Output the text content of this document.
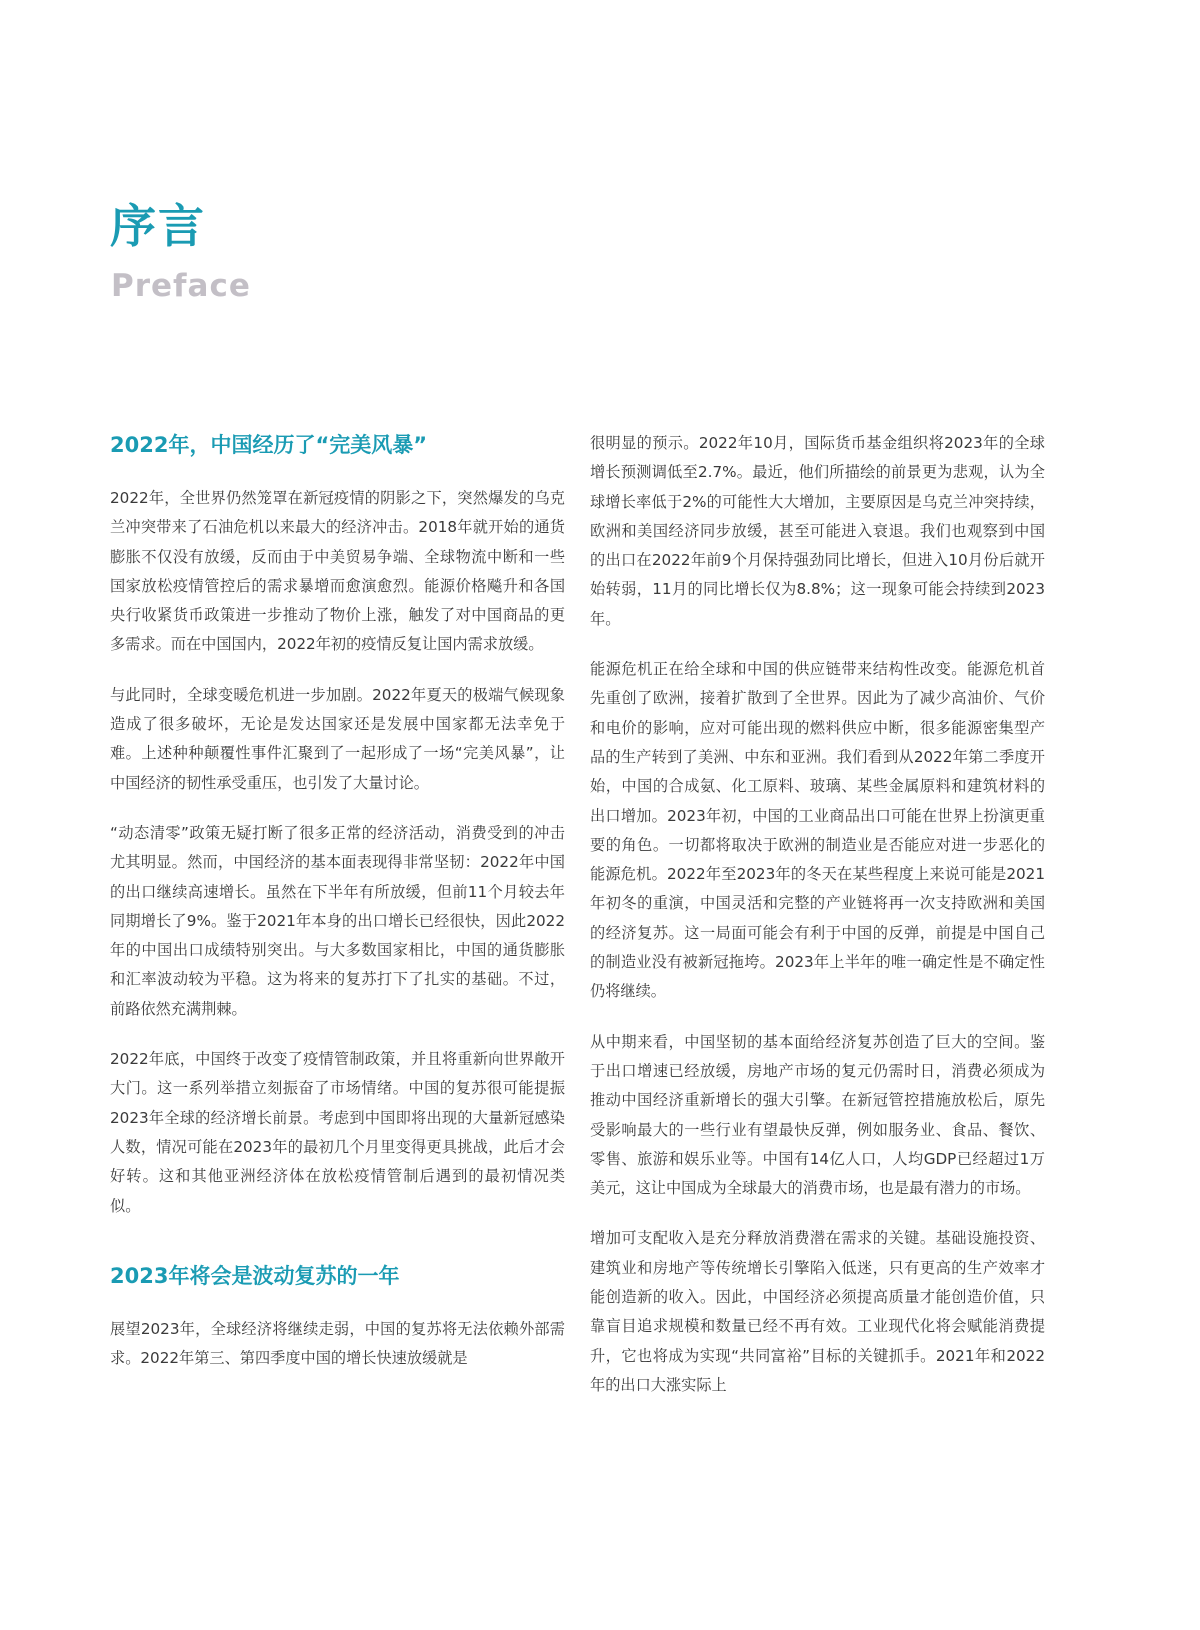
序言
Preface
2022年，中国经历了“完美风暴”

2022年，全世界仍然笼罩在新冠疫情的阴影之下，突然爆发的乌克兰冲突带来了石油危机以来最大的经济冲击。2018年就开始的通货膨胀不仅没有放缓，反而由于中美贸易争端、全球物流中断和一些国家放松疫情管控后的需求暴增而愈演愈烈。能源价格飚升和各国央行收紧货币政策进一步推动了物价上涨，触发了对中国商品的更多需求。而在中国国内，2022年初的疫情反复让国内需求放缓。

与此同时，全球变暖危机进一步加剧。2022年夏天的极端气候现象造成了很多破坏，无论是发达国家还是发展中国家都无法幸免于难。上述种种颠覆性事件汇聚到了一起形成了一场“完美风暴”，让中国经济的韧性承受重压，也引发了大量讨论。

“动态清零”政策无疑打断了很多正常的经济活动，消费受到的冲击尤其明显。然而，中国经济的基本面表现得非常坚韧：2022年中国的出口继续高速增长。虽然在下半年有所放缓，但前11个月较去年同期增长了9%。鉴于2021年本身的出口增长已经很快，因此2022年的中国出口成绩特别突出。与大多数国家相比，中国的通货膨胀和汇率波动较为平稳。这为将来的复苏打下了扎实的基础。不过，前路依然充满荆棘。

2022年底，中国终于改变了疫情管制政策，并且将重新向世界敞开大门。这一系列举措立刻振奋了市场情绪。中国的复苏很可能提振2023年全球的经济增长前景。考虑到中国即将出现的大量新冠感染人数，情况可能在2023年的最初几个月里变得更具挑战，此后才会好转。这和其他亚洲经济体在放松疫情管制后遇到的最初情况类似。

2023年将会是波动复苏的一年

展望2023年，全球经济将继续走弱，中国的复苏将无法依赖外部需求。2022年第三、第四季度中国的增长快速放缓就是

很明显的预示。2022年10月，国际货币基金组织将2023年的全球增长预测调低至2.7%。最近，他们所描绘的前景更为悲观，认为全球增长率低于2%的可能性大大增加，主要原因是乌克兰冲突持续，欧洲和美国经济同步放缓，甚至可能进入衰退。我们也观察到中国的出口在2022年前9个月保持强劲同比增长，但进入10月份后就开始转弱，11月的同比增长仅为8.8%；这一现象可能会持续到2023年。

能源危机正在给全球和中国的供应链带来结构性改变。能源危机首先重创了欧洲，接着扩散到了全世界。因此为了减少高油价、气价和电价的影响，应对可能出现的燃料供应中断，很多能源密集型产品的生产转到了美洲、中东和亚洲。我们看到从2022年第二季度开始，中国的合成氨、化工原料、玻璃、某些金属原料和建筑材料的出口增加。2023年初，中国的工业商品出口可能在世界上扮演更重要的角色。一切都将取决于欧洲的制造业是否能应对进一步恶化的能源危机。2022年至2023年的冬天在某些程度上来说可能是2021年初冬的重演，中国灵活和完整的产业链将再一次支持欧洲和美国的经济复苏。这一局面可能会有利于中国的反弹，前提是中国自己的制造业没有被新冠拖垮。2023年上半年的唯一确定性是不确定性仍将继续。

从中期来看，中国坚韧的基本面给经济复苏创造了巨大的空间。鉴于出口增速已经放缓，房地产市场的复元仍需时日，消费必须成为推动中国经济重新增长的强大引擎。在新冠管控措施放松后，原先受影响最大的一些行业有望最快反弹，例如服务业、食品、餐饮、零售、旅游和娱乐业等。中国有14亿人口，人均GDP已经超过1万美元，这让中国成为全球最大的消费市场，也是最有潜力的市场。

增加可支配收入是充分释放消费潜在需求的关键。基础设施投资、建筑业和房地产等传统增长引擎陷入低迷，只有更高的生产效率才能创造新的收入。因此，中国经济必须提高质量才能创造价值，只靠盲目追求规模和数量已经不再有效。工业现代化将会赋能消费提升，它也将成为实现“共同富裕”目标的关键抓手。2021年和2022年的出口大涨实际上
